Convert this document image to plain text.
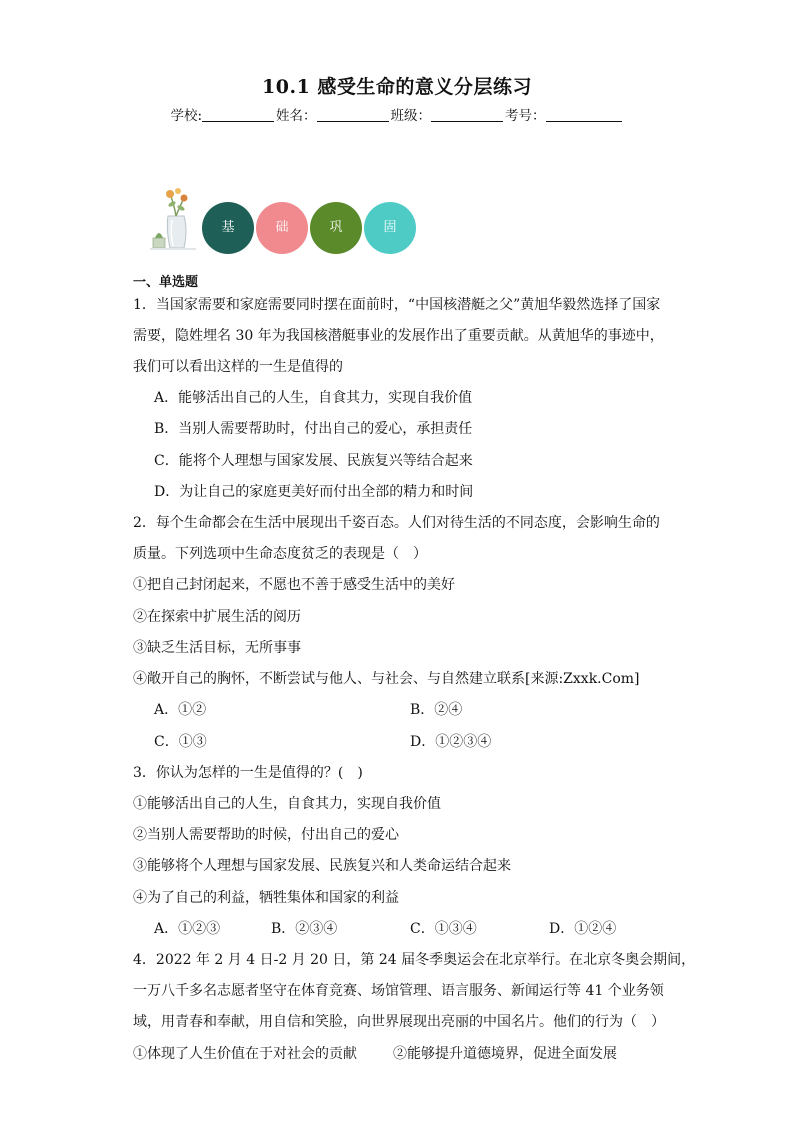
10.1 感受生命的意义分层练习
学校:	姓名：	班级：	考号：
基	础	巩	固
一、单选题
1．当国家需要和家庭需要同时摆在面前时，“中国核潜艇之父”黄旭华毅然选择了国家
需要，隐姓埋名 30 年为我国核潜艇事业的发展作出了重要贡献。从黄旭华的事迹中，
我们可以看出这样的一生是值得的
A．能够活出自己的人生，自食其力，实现自我价值
B．当别人需要帮助时，付出自己的爱心，承担责任
C．能将个人理想与国家发展、民族复兴等结合起来
D．为让自己的家庭更美好而付出全部的精力和时间
2．每个生命都会在生活中展现出千姿百态。人们对待生活的不同态度，会影响生命的
质量。下列选项中生命态度贫乏的表现是（　）
①把自己封闭起来，不愿也不善于感受生活中的美好
②在探索中扩展生活的阅历
③缺乏生活目标，无所事事
④敞开自己的胸怀，不断尝试与他人、与社会、与自然建立联系[来源:Zxxk.Com]
A．①②	B．②④
C．①③	D．①②③④
3．你认为怎样的一生是值得的？(　)
①能够活出自己的人生，自食其力，实现自我价值
②当别人需要帮助的时候，付出自己的爱心
③能够将个人理想与国家发展、民族复兴和人类命运结合起来
④为了自己的利益，牺牲集体和国家的利益
A．①②③	B．②③④	C．①③④	D．①②④
4．2022 年 2 月 4 日-2 月 20 日，第 24 届冬季奥运会在北京举行。在北京冬奥会期间，
一万八千多名志愿者坚守在体育竞赛、场馆管理、语言服务、新闻运行等 41 个业务领
域，用青春和奉献，用自信和笑脸，向世界展现出亮丽的中国名片。他们的行为（　）
①体现了人生价值在于对社会的贡献	②能够提升道德境界，促进全面发展
